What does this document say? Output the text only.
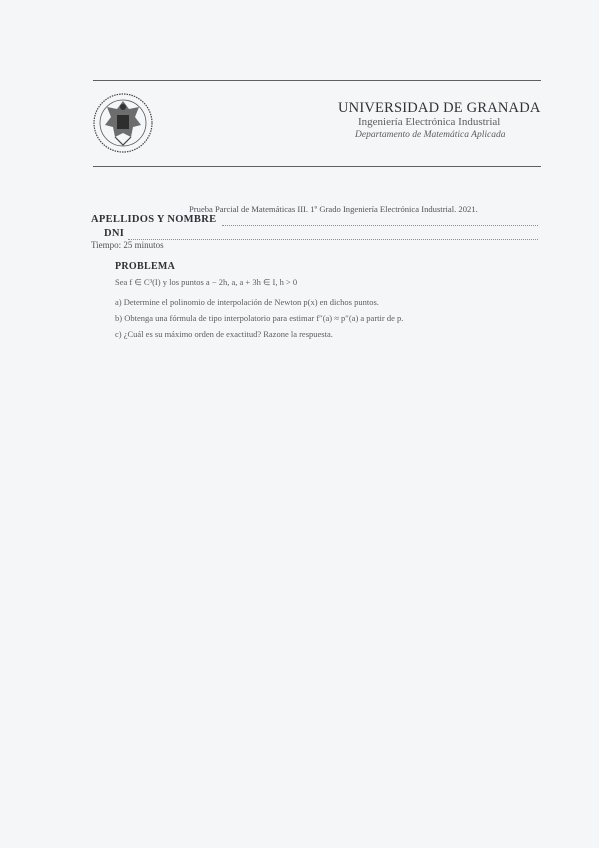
UNIVERSIDAD DE GRANADA
Ingeniería Electrónica Industrial
Departamento de Matemática Aplicada
Prueba Parcial de Matemáticas III. 1º Grado Ingeniería Electrónica Industrial. 2021.
APELLIDOS Y NOMBRE
DNI
Tiempo: 25 minutos
PROBLEMA
Sea f ∈ C³(I) y los puntos a − 2h, a, a + 3h ∈ I, h > 0
a) Determine el polinomio de interpolación de Newton p(x) en dichos puntos.
b) Obtenga una fórmula de tipo interpolatorio para estimar f″(a) ≈ p″(a) a partir de p.
c) ¿Cuál es su máximo orden de exactitud? Razone la respuesta.
